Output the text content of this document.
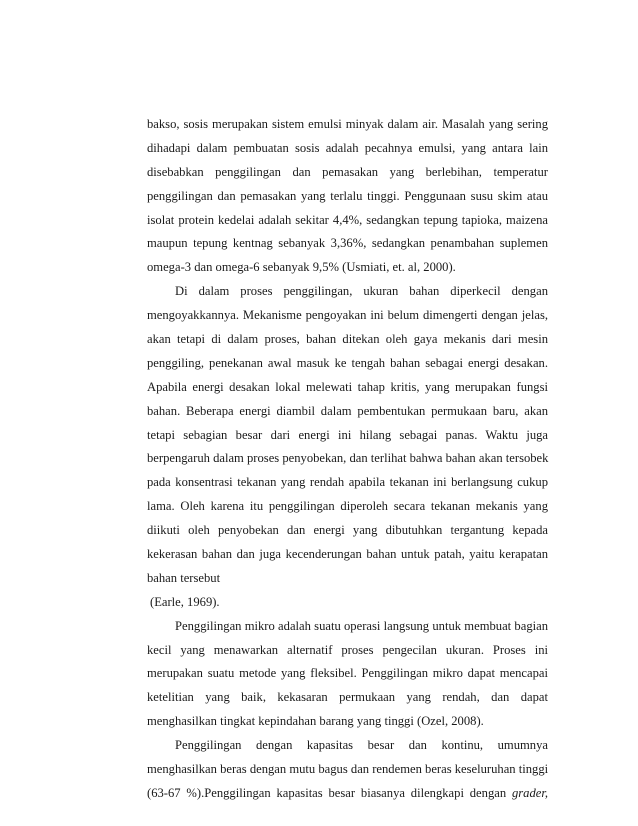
bakso, sosis merupakan sistem emulsi minyak dalam air. Masalah yang sering
dihadapi dalam pembuatan sosis adalah pecahnya emulsi, yang antara lain
disebabkan penggilingan dan pemasakan yang berlebihan, temperatur
penggilingan dan pemasakan yang terlalu tinggi. Penggunaan susu skim atau
isolat protein kedelai adalah sekitar 4,4%, sedangkan tepung tapioka, maizena
maupun tepung kentnag sebanyak 3,36%, sedangkan penambahan suplemen
omega-3 dan omega-6 sebanyak 9,5% (Usmiati, et. al, 2000).
Di dalam proses penggilingan, ukuran bahan diperkecil dengan
mengoyakkannya. Mekanisme pengoyakan ini belum dimengerti dengan jelas,
akan tetapi di dalam proses, bahan ditekan oleh gaya mekanis dari mesin
penggiling, penekanan awal masuk ke tengah bahan sebagai energi desakan.
Apabila energi desakan lokal melewati tahap kritis, yang merupakan fungsi
bahan. Beberapa energi diambil dalam pembentukan permukaan baru, akan
tetapi sebagian besar dari energi ini hilang sebagai panas. Waktu juga
berpengaruh dalam proses penyobekan, dan terlihat bahwa bahan akan tersobek
pada konsentrasi tekanan yang rendah apabila tekanan ini berlangsung cukup
lama. Oleh karena itu penggilingan diperoleh secara tekanan mekanis yang
diikuti oleh penyobekan dan energi yang dibutuhkan tergantung kepada
kekerasan bahan dan juga kecenderungan bahan untuk patah, yaitu kerapatan
bahan tersebut
(Earle, 1969).
Penggilingan mikro adalah suatu operasi langsung untuk membuat bagian
kecil yang menawarkan alternatif proses pengecilan ukuran. Proses ini
merupakan suatu metode yang fleksibel. Penggilingan mikro dapat mencapai
ketelitian yang baik, kekasaran permukaan yang rendah, dan dapat
menghasilkan tingkat kepindahan barang yang tinggi (Ozel, 2008).
Penggilingan dengan kapasitas besar dan kontinu, umumnya
menghasilkan beras dengan mutu bagus dan rendemen beras keseluruhan tinggi
(63-67 %).Penggilingan kapasitas besar biasanya dilengkapi dengan grader,
